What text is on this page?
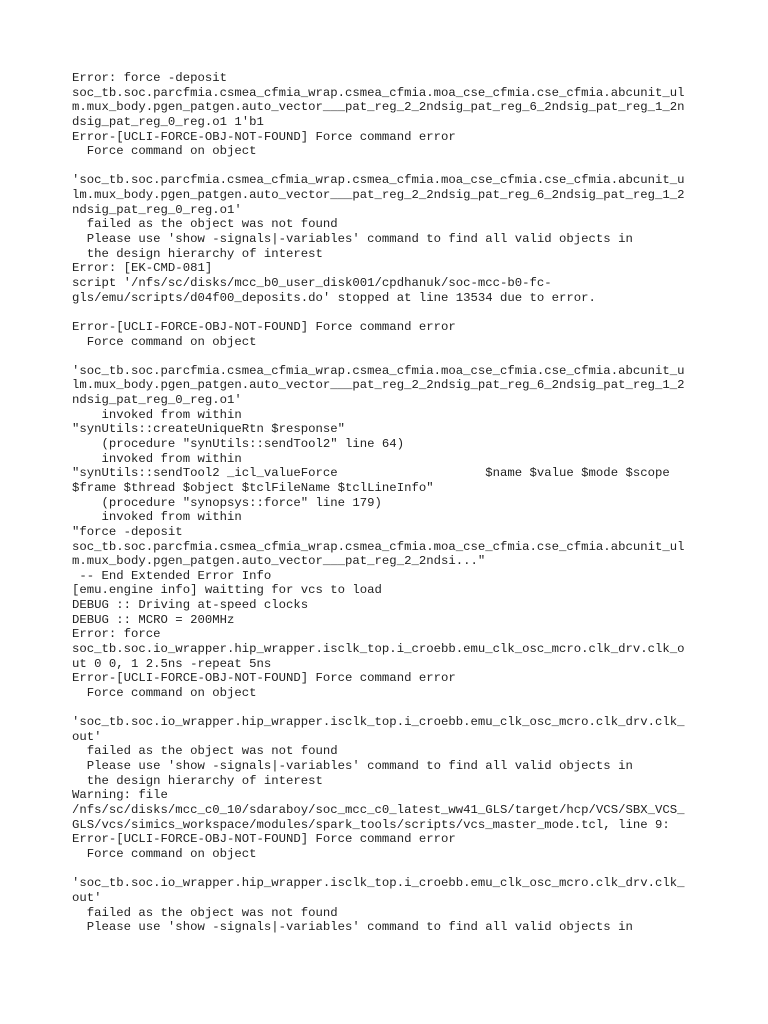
Error: force -deposit
soc_tb.soc.parcfmia.csmea_cfmia_wrap.csmea_cfmia.moa_cse_cfmia.cse_cfmia.abcunit_ul
m.mux_body.pgen_patgen.auto_vector___pat_reg_2_2ndsig_pat_reg_6_2ndsig_pat_reg_1_2n
dsig_pat_reg_0_reg.o1 1'b1
Error-[UCLI-FORCE-OBJ-NOT-FOUND] Force command error
Force command on object
'soc_tb.soc.parcfmia.csmea_cfmia_wrap.csmea_cfmia.moa_cse_cfmia.cse_cfmia.abcunit_u
lm.mux_body.pgen_patgen.auto_vector___pat_reg_2_2ndsig_pat_reg_6_2ndsig_pat_reg_1_2
ndsig_pat_reg_0_reg.o1'
failed as the object was not found
Please use 'show -signals|-variables' command to find all valid objects in
the design hierarchy of interest
Error: [EK-CMD-081]
script '/nfs/sc/disks/mcc_b0_user_disk001/cpdhanuk/soc-mcc-b0-fc-
gls/emu/scripts/d04f00_deposits.do' stopped at line 13534 due to error.
Error-[UCLI-FORCE-OBJ-NOT-FOUND] Force command error
Force command on object
'soc_tb.soc.parcfmia.csmea_cfmia_wrap.csmea_cfmia.moa_cse_cfmia.cse_cfmia.abcunit_u
lm.mux_body.pgen_patgen.auto_vector___pat_reg_2_2ndsig_pat_reg_6_2ndsig_pat_reg_1_2
ndsig_pat_reg_0_reg.o1'
invoked from within
"synUtils::createUniqueRtn $response"
(procedure "synUtils::sendTool2" line 64)
invoked from within
"synUtils::sendTool2 _icl_valueForce                    $name $value $mode $scope
$frame $thread $object $tclFileName $tclLineInfo"
(procedure "synopsys::force" line 179)
invoked from within
"force -deposit
soc_tb.soc.parcfmia.csmea_cfmia_wrap.csmea_cfmia.moa_cse_cfmia.cse_cfmia.abcunit_ul
m.mux_body.pgen_patgen.auto_vector___pat_reg_2_2ndsi..."
-- End Extended Error Info
[emu.engine info] waitting for vcs to load
DEBUG :: Driving at-speed clocks
DEBUG :: MCRO = 200MHz
Error: force
soc_tb.soc.io_wrapper.hip_wrapper.isclk_top.i_croebb.emu_clk_osc_mcro.clk_drv.clk_o
ut 0 0, 1 2.5ns -repeat 5ns
Error-[UCLI-FORCE-OBJ-NOT-FOUND] Force command error
Force command on object
'soc_tb.soc.io_wrapper.hip_wrapper.isclk_top.i_croebb.emu_clk_osc_mcro.clk_drv.clk_
out'
failed as the object was not found
Please use 'show -signals|-variables' command to find all valid objects in
the design hierarchy of interest
Warning: file
/nfs/sc/disks/mcc_c0_10/sdaraboy/soc_mcc_c0_latest_ww41_GLS/target/hcp/VCS/SBX_VCS_
GLS/vcs/simics_workspace/modules/spark_tools/scripts/vcs_master_mode.tcl, line 9:
Error-[UCLI-FORCE-OBJ-NOT-FOUND] Force command error
Force command on object
'soc_tb.soc.io_wrapper.hip_wrapper.isclk_top.i_croebb.emu_clk_osc_mcro.clk_drv.clk_
out'
failed as the object was not found
Please use 'show -signals|-variables' command to find all valid objects in
